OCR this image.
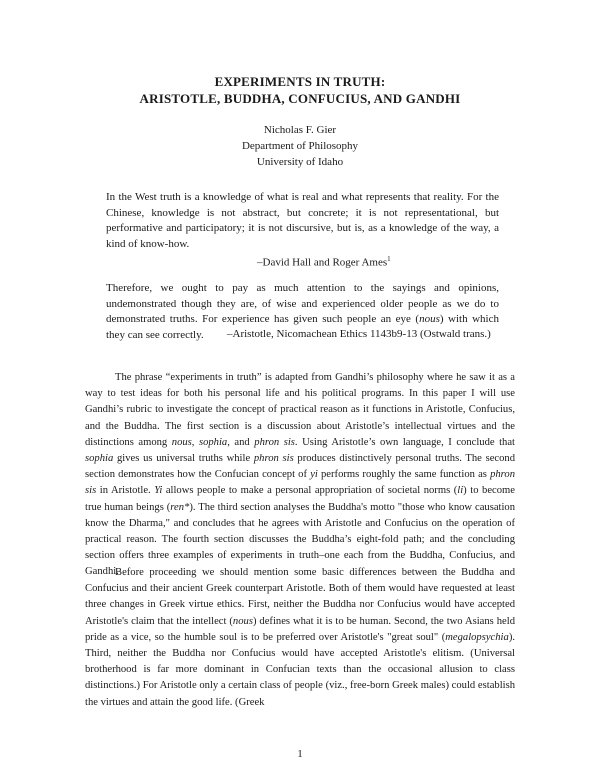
EXPERIMENTS IN TRUTH:
ARISTOTLE, BUDDHA, CONFUCIUS, AND GANDHI
Nicholas F. Gier
Department of Philosophy
University of Idaho
In the West truth is a knowledge of what is real and what represents that reality. For the Chinese, knowledge is not abstract, but concrete; it is not representational, but performative and participatory; it is not discursive, but is, as a knowledge of the way, a kind of know-how.
–David Hall and Roger Ames$^1$
Therefore, we ought to pay as much attention to the sayings and opinions, undemonstrated though they are, of wise and experienced older people as we do to demonstrated truths. For experience has given such people an eye (nous) with which they can see correctly.	–Aristotle, Nicomachean Ethics 1143b9-13 (Ostwald trans.)
The phrase “experiments in truth” is adapted from Gandhi’s philosophy where he saw it as a way to test ideas for both his personal life and his political programs. In this paper I will use Gandhi’s rubric to investigate the concept of practical reason as it functions in Aristotle, Confucius, and the Buddha. The first section is a discussion about Aristotle’s intellectual virtues and the distinctions among nous, sophia, and phron sis. Using Aristotle’s own language, I conclude that sophia gives us universal truths while phron sis produces distinctively personal truths. The second section demonstrates how the Confucian concept of yi performs roughly the same function as phron sis in Aristotle. Yi allows people to make a personal appropriation of societal norms (li) to become true human beings (ren*). The third section analyses the Buddha's motto "those who know causation know the Dharma," and concludes that he agrees with Aristotle and Confucius on the operation of practical reason. The fourth section discusses the Buddha’s eight-fold path; and the concluding section offers three examples of experiments in truth–one each from the Buddha, Confucius, and Gandhi.
Before proceeding we should mention some basic differences between the Buddha and Confucius and their ancient Greek counterpart Aristotle. Both of them would have requested at least three changes in Greek virtue ethics. First, neither the Buddha nor Confucius would have accepted Aristotle's claim that the intellect (nous) defines what it is to be human. Second, the two Asians held pride as a vice, so the humble soul is to be preferred over Aristotle's "great soul" (megalopsychia). Third, neither the Buddha nor Confucius would have accepted Aristotle's elitism. (Universal brotherhood is far more dominant in Confucian texts than the occasional allusion to class distinctions.) For Aristotle only a certain class of people (viz., free-born Greek males) could establish the virtues and attain the good life. (Greek
1
